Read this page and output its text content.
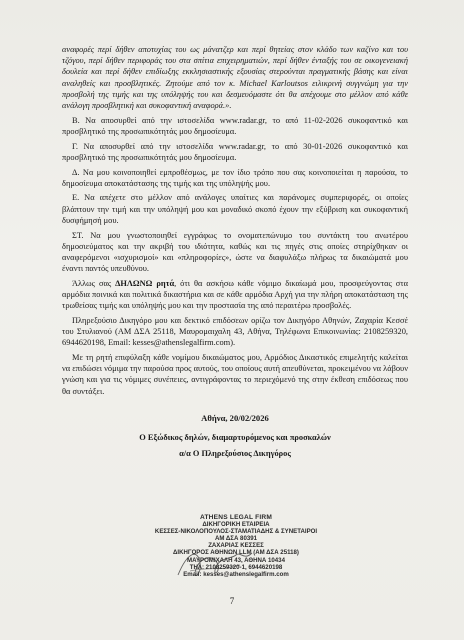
αναφορές περί δήθεν αποτυχίας του ως μάνατζερ και περί θητείας στον κλάδο των καζίνο και του τζόγου, περί δήθεν περιφοράς του στα σπίτια επιχειρηματιών, περί δήθεν ένταξής του σε οικογενειακή δουλεία και περί δήθεν επιδίωξης εκκλησιαστικής εξουσίας στερούνται πραγματικής βάσης και είναι αναληθείς και προσβλητικές. Ζητούμε από τον κ. Michael Karloutsos ειλικρινή συγγνώμη για την προσβολή της τιμής και της υπόληψής του και δεσμευόμαστε ότι θα απέχουμε στο μέλλον από κάθε ανάλογη προσβλητική και συκοφαντική αναφορά.».

Β. Να αποσυρθεί από την ιστοσελίδα www.radar.gr, το από 11-02-2026 συκοφαντικό και προσβλητικό της προσωπικότητάς μου δημοσίευμα.

Γ. Να αποσυρθεί από την ιστοσελίδα www.radar.gr, το από 30-01-2026 συκοφαντικό και προσβλητικό της προσωπικότητάς μου δημοσίευμα.

Δ. Να μου κοινοποιηθεί εμπροθέσμως, με τον ίδιο τρόπο που σας κοινοποιείται η παρούσα, το δημοσίευμα αποκατάστασης της τιμής και της υπόληψής μου.

Ε. Να απέχετε στο μέλλον από ανάλογες υπαίτιες και παράνομες συμπεριφορές, οι οποίες βλάπτουν την τιμή και την υπόληψή μου και μοναδικό σκοπό έχουν την εξύβριση και συκοφαντική δυσφήμησή μου.

ΣΤ. Να μου γνωστοποιηθεί εγγράφως το ονοματεπώνυμο του συντάκτη του ανωτέρου δημοσιεύματος και την ακριβή του ιδιότητα, καθώς και τις πηγές στις οποίες στηρίχθηκαν οι αναφερόμενοι «ισχυρισμοί» και «πληροφορίες», ώστε να διαφυλάξω πλήρως τα δικαιώματά μου έναντι παντός υπευθύνου.

Άλλως σας ΔΗΛΩΝΩ ρητά, ότι θα ασκήσω κάθε νόμιμο δικαίωμά μου, προσφεύγοντας στα αρμόδια ποινικά και πολιτικά δικαστήρια και σε κάθε αρμόδια Αρχή για την πλήρη αποκατάσταση της τρωθείσας τιμής και υπόληψής μου και την προστασία της από περαιτέρω προσβολές.

Πληρεξούσιο Δικηγόρο μου και δεκτικό επιδόσεων ορίζω τον Δικηγόρο Αθηνών, Ζαχαρία Κεσσέ του Στυλιανού (ΑΜ ΔΣΑ 25118, Μαυρομαιχαλη 43, Αθήνα, Τηλέφωνα Επικοινωνίας: 2108259320, 6944620198, Email: kesses@athenslegalfirm.com).

Με τη ρητή επιφύλαξη κάθε νομίμου δικαιώματος μου, Αρμόδιος Δικαστικός επιμελητής καλείται να επιδώσει νόμιμα την παρούσα προς αυτούς, του οποίους αυτή απευθύνεται, προκειμένου να λάβουν γνώση και για τις νόμιμες συνέπειες, αντιγράφοντας το περιεχόμενό της στην έκθεση επιδόσεως που θα συντάξει.

Αθήνα, 20/02/2026
Ο Εξώδικος δηλών, διαμαρτυρόμενος και προσκαλών
α/α Ο Πληρεξούσιος Δικηγόρος
ATHENS LEGAL FIRM
ΔΙΚΗΓΟΡΙΚΗ ΕΤΑΙΡΕΙΑ
ΚΕΣΣΕΣ-ΝΙΚΟΛΟΠΟΥΛΟΣ-ΣΤΑΜΑΤΙΑΔΗΣ & ΣΥΝΕΤΑΙΡΟΙ
ΑΜ ΔΣΑ 80391
ΖΑΧΑΡΙΑΣ ΚΕΣΣΕΣ
ΔΙΚΗΓΟΡΟΣ ΑΘΗΝΩΝ LLM (ΑΜ ΔΣΑ 25118)
ΜΑΥΡΟΜΙΧΑΛΗ 43, ΑΘΗΝΑ 10434
ΤΗΛ: 2108259320-1, 6944620198
Email: kesses@athenslegalfirm.com
7
